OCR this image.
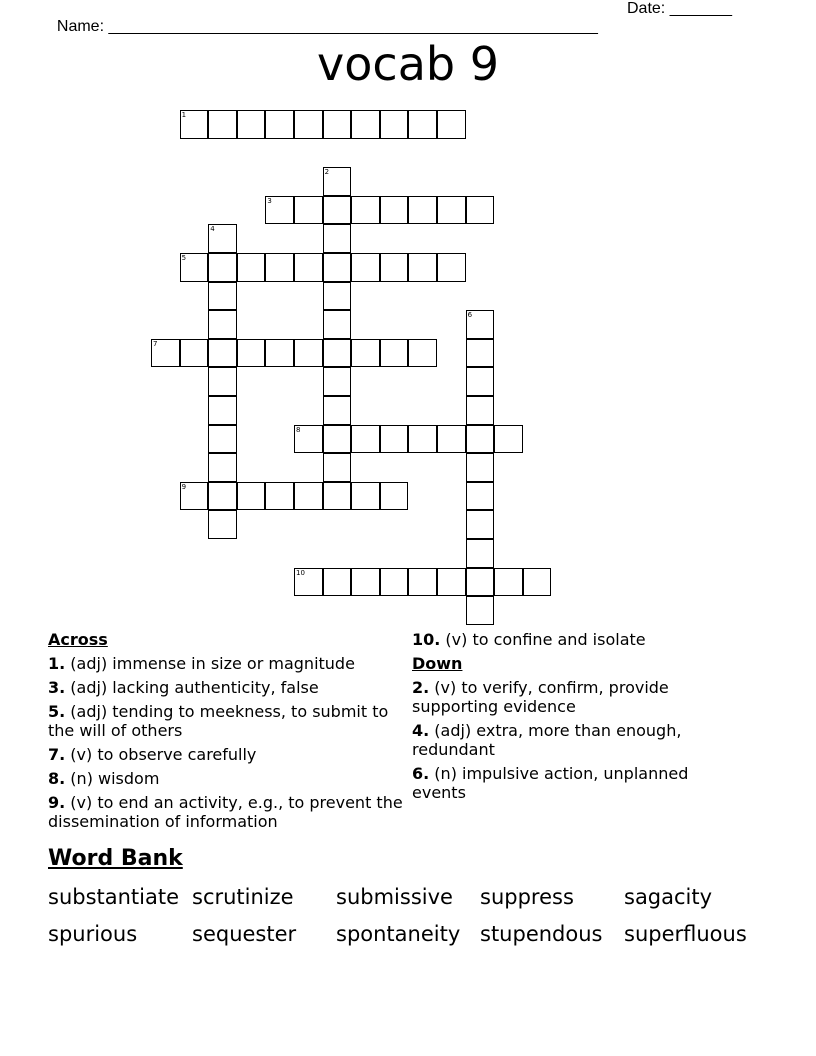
Name: _______________________________________________________

Date: _______

vocab 9
1
2
3
4
5
6
7
8
9
10
Across
1. (adj) immense in size or magnitude
3. (adj) lacking authenticity, false
5. (adj) tending to meekness, to submit to the will of others
7. (v) to observe carefully
8. (n) wisdom
9. (v) to end an activity, e.g., to prevent the dissemination of information
10. (v) to confine and isolate
Down
2. (v) to verify, confirm, provide supporting evidence
4. (adj) extra, more than enough, redundant
6. (n) impulsive action, unplanned events
Word Bank
substantiate scrutinize submissive suppress sagacity
spurious	sequester spontaneity stupendous superfluous
